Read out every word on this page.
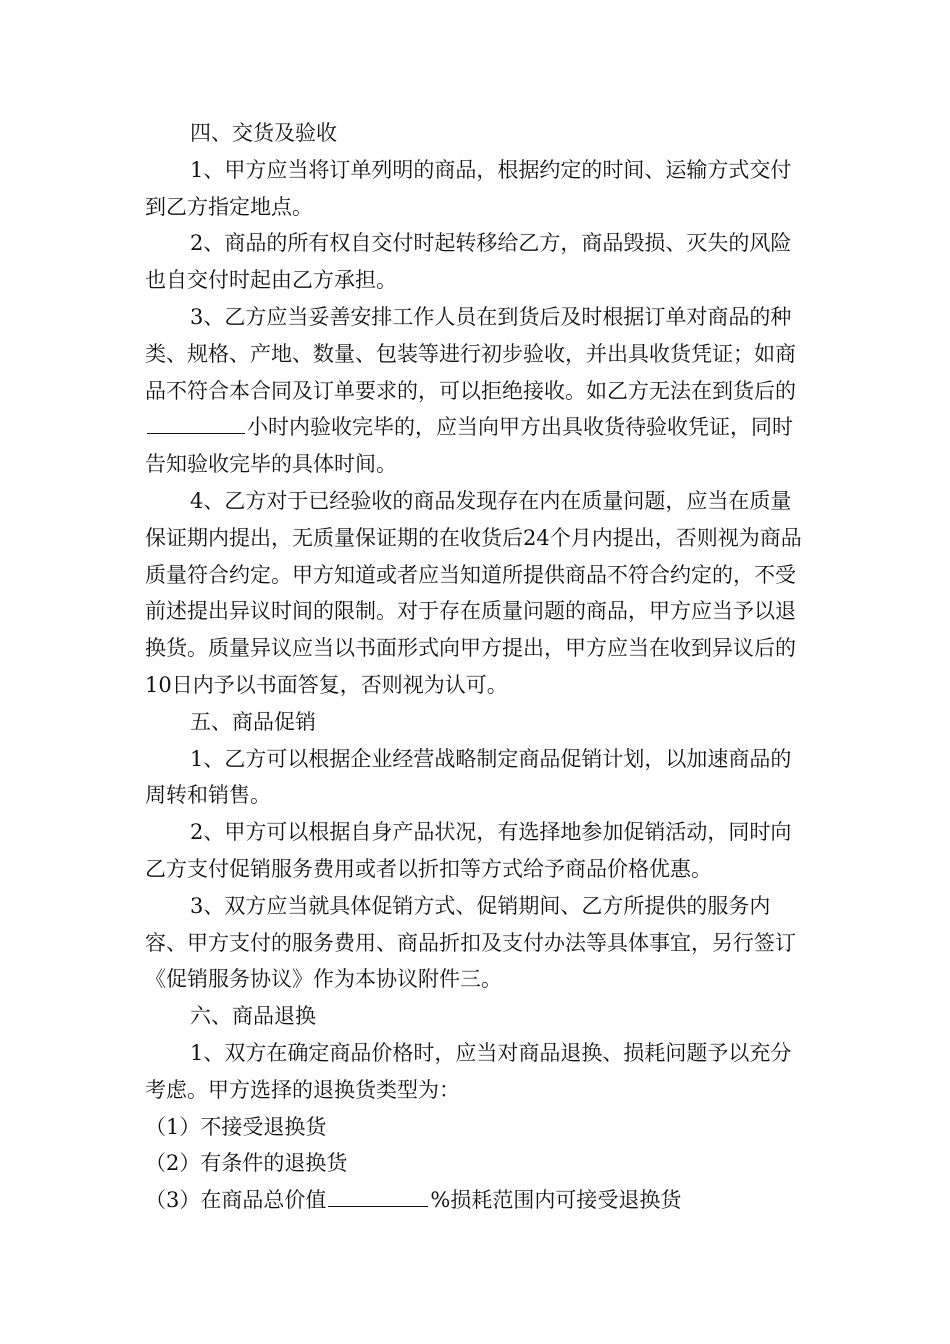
四、交货及验收

1、甲方应当将订单列明的商品，根据约定的时间、运输方式交付到乙方指定地点。

2、商品的所有权自交付时起转移给乙方，商品毁损、灭失的风险也自交付时起由乙方承担。

3、乙方应当妥善安排工作人员在到货后及时根据订单对商品的种类、规格、产地、数量、包装等进行初步验收，并出具收货凭证；如商品不符合本合同及订单要求的，可以拒绝接收。如乙方无法在到货后的小时内验收完毕的，应当向甲方出具收货待验收凭证，同时告知验收完毕的具体时间。

4、乙方对于已经验收的商品发现存在内在质量问题，应当在质量保证期内提出，无质量保证期的在收货后24个月内提出，否则视为商品质量符合约定。甲方知道或者应当知道所提供商品不符合约定的，不受前述提出异议时间的限制。对于存在质量问题的商品，甲方应当予以退换货。质量异议应当以书面形式向甲方提出，甲方应当在收到异议后的10日内予以书面答复，否则视为认可。

五、商品促销

1、乙方可以根据企业经营战略制定商品促销计划，以加速商品的周转和销售。

2、甲方可以根据自身产品状况，有选择地参加促销活动，同时向乙方支付促销服务费用或者以折扣等方式给予商品价格优惠。

3、双方应当就具体促销方式、促销期间、乙方所提供的服务内容、甲方支付的服务费用、商品折扣及支付办法等具体事宜，另行签订《促销服务协议》作为本协议附件三。

六、商品退换

1、双方在确定商品价格时，应当对商品退换、损耗问题予以充分考虑。甲方选择的退换货类型为：

（1）不接受退换货

（2）有条件的退换货

（3）在商品总价值	%损耗范围内可接受退换货
